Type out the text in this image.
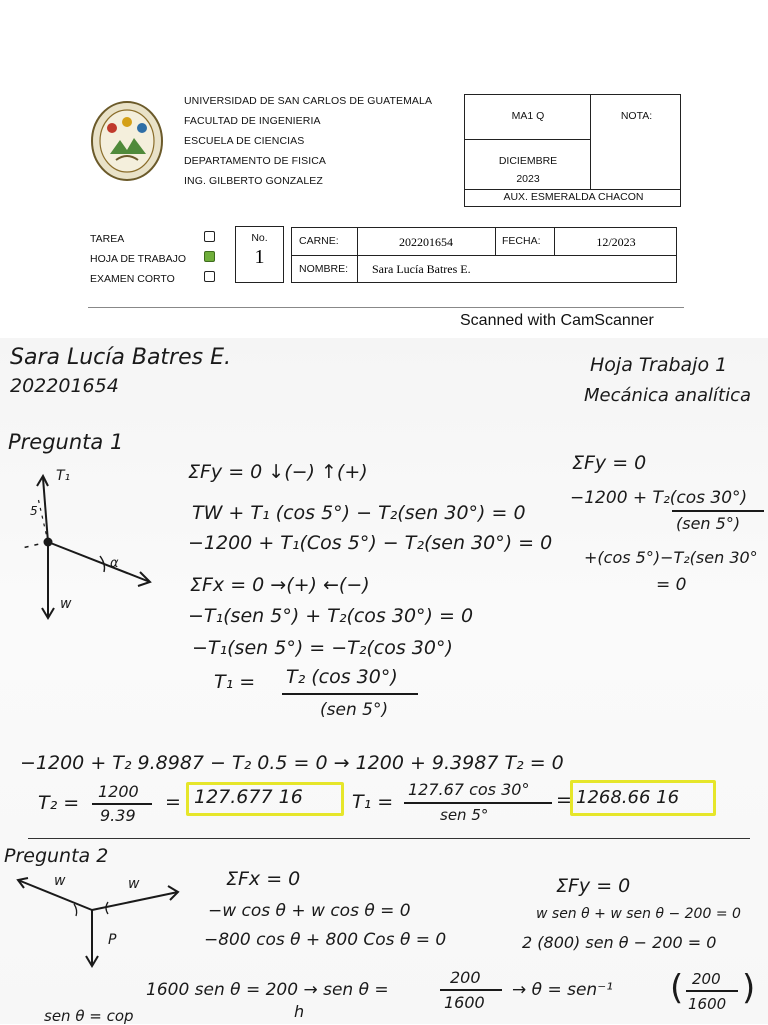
UNIVERSIDAD DE SAN CARLOS DE GUATEMALA
FACULTAD DE INGENIERIA
ESCUELA DE CIENCIAS
DEPARTAMENTO DE FISICA
ING. GILBERTO GONZALEZ
MA1 Q	NOTA:
DICIEMBRE
2023
AUX. ESMERALDA CHACON
TAREA
HOJA DE TRABAJO
EXAMEN CORTO
No.
1
CARNE:	202201654	FECHA:	12/2023
NOMBRE: Sara Lucía Batres E.
Scanned with CamScanner
Sara Lucía Batres E.
202201654
Hoja Trabajo 1
Mecánica analítica
Pregunta 1
T₁
5
α
w
ΣFy = 0 ↓(−) ↑(+)
TW + T₁ (cos 5°) − T₂(sen 30°) = 0
−1200 + T₁(Cos 5°) − T₂(sen 30°) = 0
ΣFx = 0 →(+) ←(−)
−T₁(sen 5°) + T₂(cos 30°) = 0
−T₁(sen 5°) = −T₂(cos 30°)
T₁ = T₂ (cos 30°)
(sen 5°)
ΣFy = 0
−1200 + T₂(cos 30°)
(sen 5°)
+(cos 5°)−T₂(sen 30°
= 0
−1200 + T₂ 9.8987 − T₂ 0.5 = 0 → 1200 + 9.3987 T₂ = 0
T₂ =
1200
9.39
= 127.677 16	T₁ =
127.67 cos 30°
sen 5°
= 1268.66 16
Pregunta 2
w	w
P
ΣFx = 0
−w cos θ + w cos θ = 0
−800 cos θ + 800 Cos θ = 0
ΣFy = 0
w sen θ + w sen θ − 200 = 0
2 (800) sen θ − 200 = 0
1600 sen θ = 200 → sen θ =
200
1600
→ θ = sen⁻¹ ( 200
1600 )
sen θ = cop	h
